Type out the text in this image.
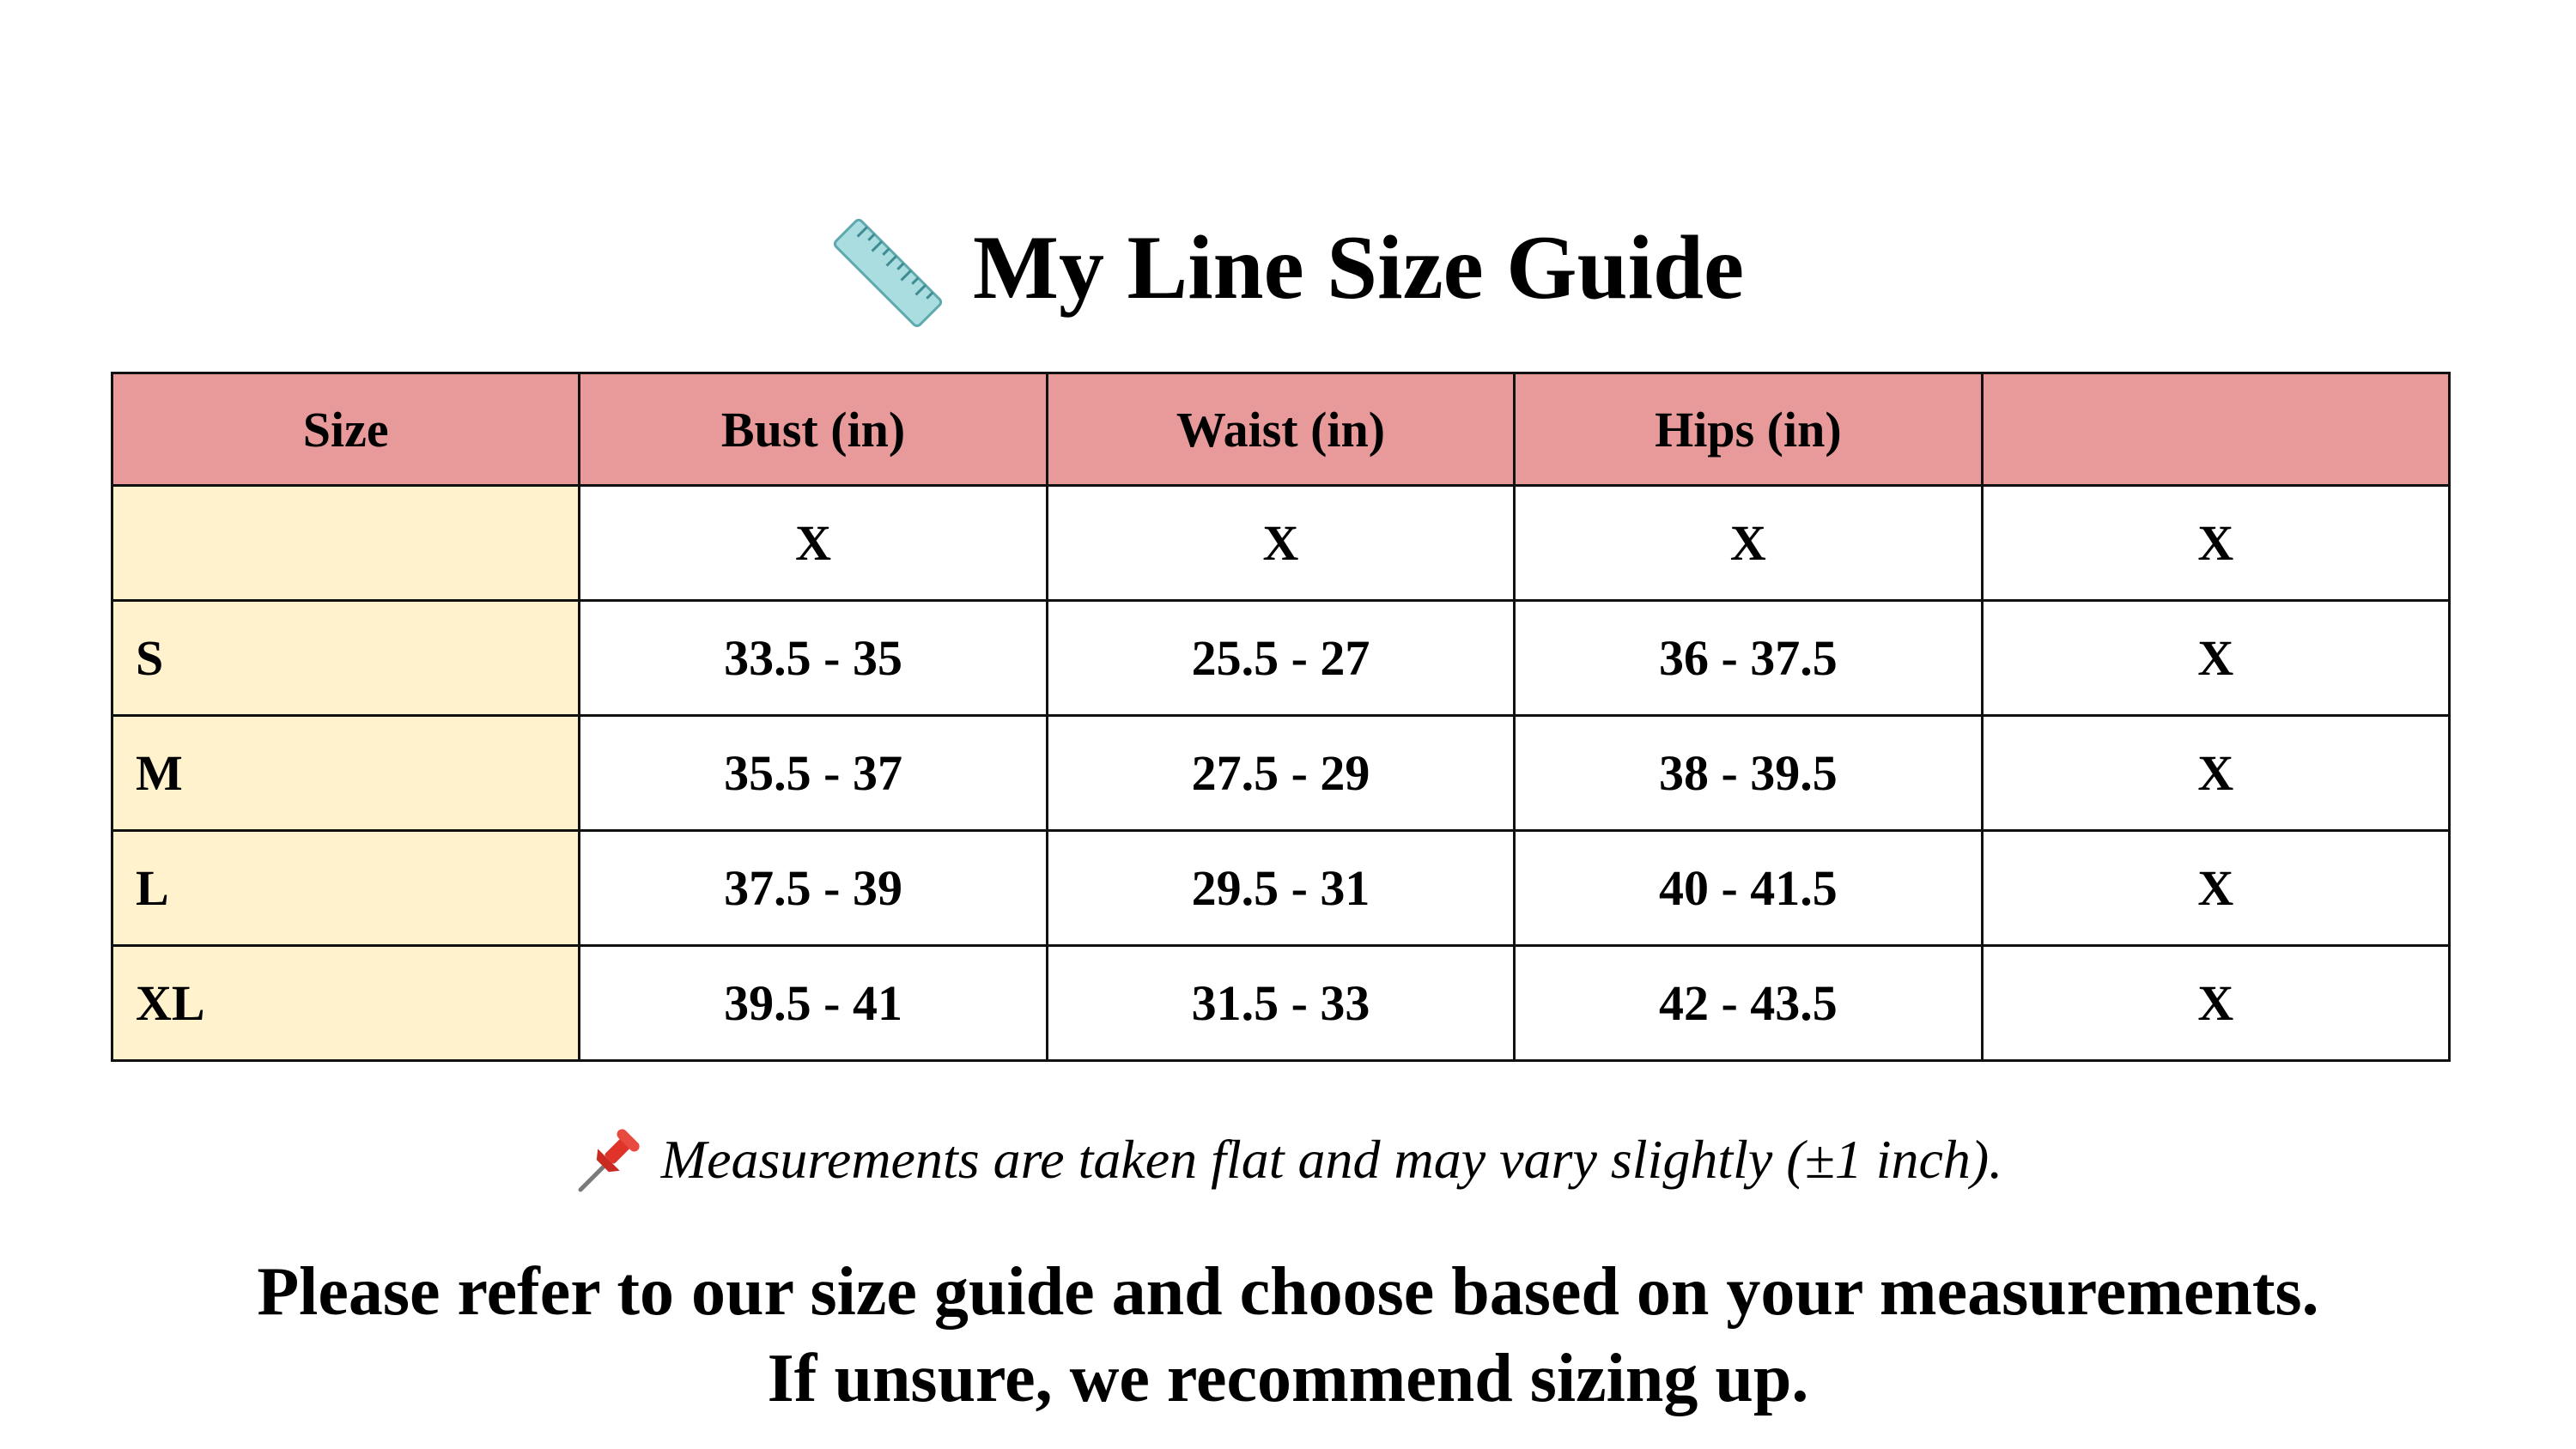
My Line Size Guide
Size	Bust (in)	Waist (in)	Hips (in)	
	X	X	X	X
S	33.5 - 35	25.5 - 27	36 - 37.5	X
M	35.5 - 37	27.5 - 29	38 - 39.5	X
L	37.5 - 39	29.5 - 31	40 - 41.5	X
XL	39.5 - 41	31.5 - 33	42 - 43.5	X
Measurements are taken flat and may vary slightly (±1 inch).
Please refer to our size guide and choose based on your measurements.
If unsure, we recommend sizing up.
